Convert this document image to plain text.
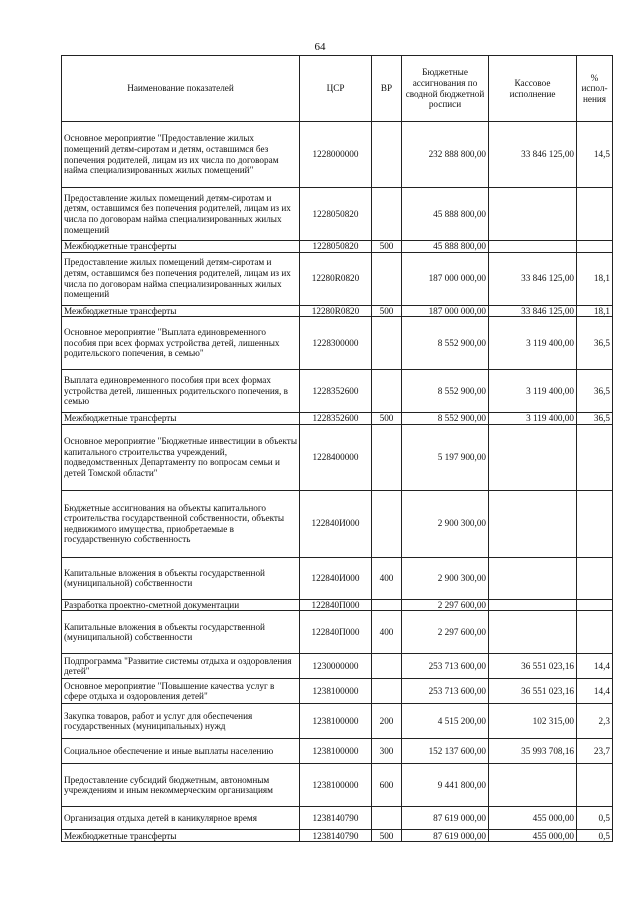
64
Наименование показателей	ЦСР	ВР	Бюджетные ассигнования по сводной бюджетной росписи	Кассовое исполнение	% испол-нения
Основное мероприятие "Предоставление жилых помещений детям-сиротам и детям, оставшимся без попечения родителей, лицам из их числа по договорам найма специализированных жилых помещений"	1228000000		232 888 800,00	33 846 125,00	14,5
Предоставление жилых помещений детям-сиротам и детям, оставшимся без попечения родителей, лицам из их числа по договорам найма специализированных жилых помещений	1228050820		45 888 800,00		
Межбюджетные трансферты	1228050820	500	45 888 800,00		
Предоставление жилых помещений детям-сиротам и детям, оставшимся без попечения родителей, лицам из их числа по договорам найма специализированных жилых помещений	12280R0820		187 000 000,00	33 846 125,00	18,1
Межбюджетные трансферты	12280R0820	500	187 000 000,00	33 846 125,00	18,1
Основное мероприятие "Выплата единовременного пособия при всех формах устройства детей, лишенных родительского попечения, в семью"	1228300000		8 552 900,00	3 119 400,00	36,5
Выплата единовременного пособия при всех формах устройства детей, лишенных родительского попечения, в семью	1228352600		8 552 900,00	3 119 400,00	36,5
Межбюджетные трансферты	1228352600	500	8 552 900,00	3 119 400,00	36,5
Основное мероприятие "Бюджетные инвестиции в объекты капитального строительства учреждений, подведомственных Департаменту по вопросам семьи и детей Томской области"	1228400000		5 197 900,00		
Бюджетные ассигнования на объекты капитального строительства государственной собственности, объекты недвижимого имущества, приобретаемые в государственную собственность	122840И000		2 900 300,00		
Капитальные вложения в объекты государственной (муниципальной) собственности	122840И000	400	2 900 300,00		
Разработка проектно-сметной документации	122840П000		2 297 600,00		
Капитальные вложения в объекты государственной (муниципальной) собственности	122840П000	400	2 297 600,00		
Подпрограмма "Развитие системы отдыха и оздоровления детей"	1230000000		253 713 600,00	36 551 023,16	14,4
Основное мероприятие "Повышение качества услуг в сфере отдыха и оздоровления детей"	1238100000		253 713 600,00	36 551 023,16	14,4
Закупка товаров, работ и услуг для обеспечения государственных (муниципальных) нужд	1238100000	200	4 515 200,00	102 315,00	2,3
Социальное обеспечение и иные выплаты населению	1238100000	300	152 137 600,00	35 993 708,16	23,7
Предоставление субсидий бюджетным, автономным учреждениям и иным некоммерческим организациям	1238100000	600	9 441 800,00		
Организация отдыха детей в каникулярное время	1238140790		87 619 000,00	455 000,00	0,5
Межбюджетные трансферты	1238140790	500	87 619 000,00	455 000,00	0,5
